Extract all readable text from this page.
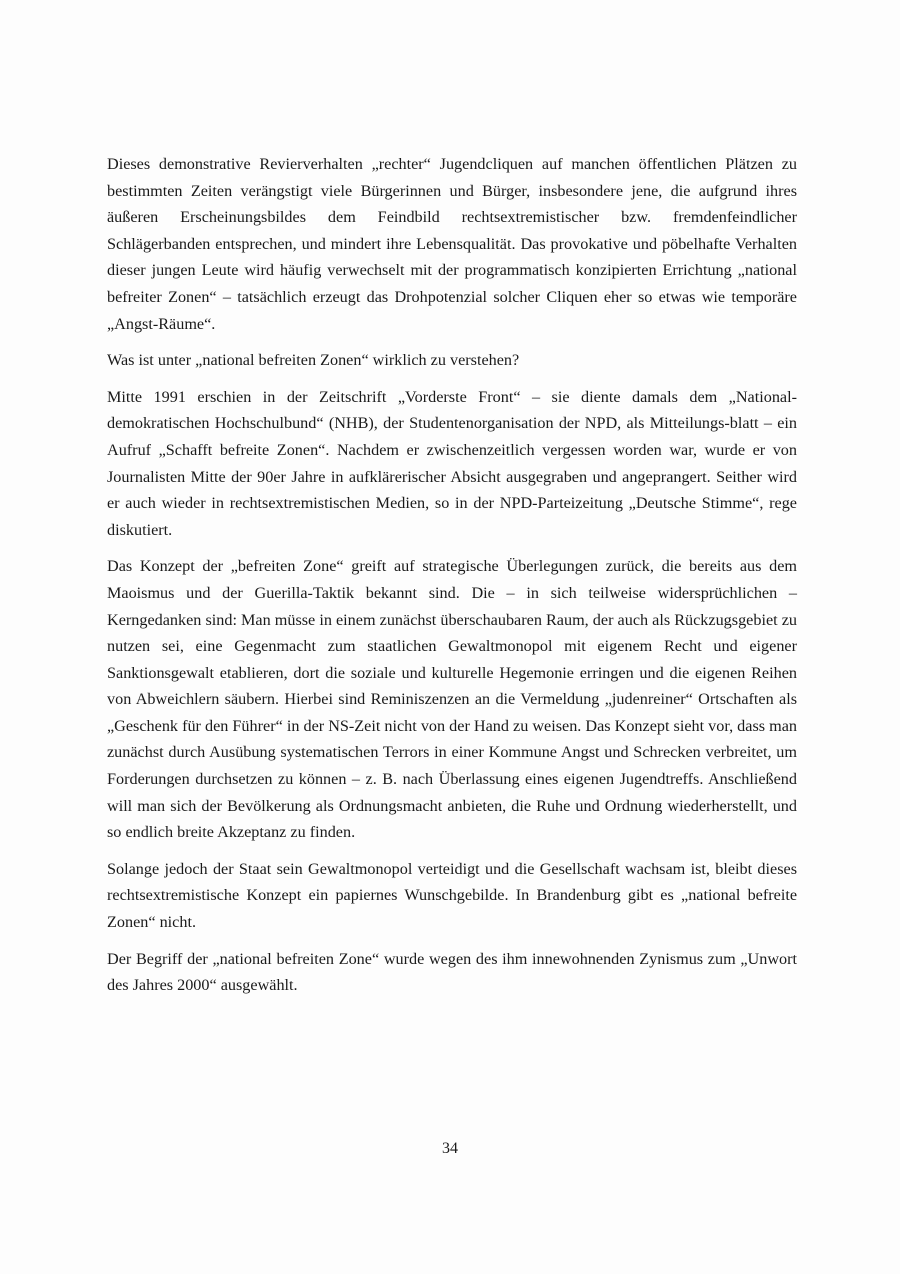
Dieses demonstrative Revierverhalten „rechter“ Jugendcliquen auf manchen öffentlichen Plätzen zu bestimmten Zeiten verängstigt viele Bürgerinnen und Bürger, insbesondere jene, die aufgrund ihres äußeren Erscheinungsbildes dem Feindbild rechtsextremistischer bzw. fremdenfeindlicher Schlägerbanden entsprechen, und mindert ihre Lebensqualität. Das provokative und pöbelhafte Verhalten dieser jungen Leute wird häufig verwechselt mit der programmatisch konzipierten Errichtung „national befreiter Zonen“ – tatsächlich erzeugt das Drohpotenzial solcher Cliquen eher so etwas wie temporäre „Angst-Räume“.

Was ist unter „national befreiten Zonen“ wirklich zu verstehen?

Mitte 1991 erschien in der Zeitschrift „Vorderste Front“ – sie diente damals dem „National-demokratischen Hochschulbund“ (NHB), der Studentenorganisation der NPD, als Mitteilungs-blatt – ein Aufruf „Schafft befreite Zonen“. Nachdem er zwischenzeitlich vergessen worden war, wurde er von Journalisten Mitte der 90er Jahre in aufklärerischer Absicht ausgegraben und angeprangert. Seither wird er auch wieder in rechtsextremistischen Medien, so in der NPD-Parteizeitung „Deutsche Stimme“, rege diskutiert.

Das Konzept der „befreiten Zone“ greift auf strategische Überlegungen zurück, die bereits aus dem Maoismus und der Guerilla-Taktik bekannt sind. Die – in sich teilweise widersprüchlichen – Kerngedanken sind: Man müsse in einem zunächst überschaubaren Raum, der auch als Rückzugsgebiet zu nutzen sei, eine Gegenmacht zum staatlichen Gewaltmonopol mit eigenem Recht und eigener Sanktionsgewalt etablieren, dort die soziale und kulturelle Hegemonie erringen und die eigenen Reihen von Abweichlern säubern. Hierbei sind Reminiszenzen an die Vermeldung „judenreiner“ Ortschaften als „Geschenk für den Führer“ in der NS-Zeit nicht von der Hand zu weisen. Das Konzept sieht vor, dass man zunächst durch Ausübung systematischen Terrors in einer Kommune Angst und Schrecken verbreitet, um Forderungen durchsetzen zu können – z. B. nach Überlassung eines eigenen Jugendtreffs. Anschließend will man sich der Bevölkerung als Ordnungsmacht anbieten, die Ruhe und Ordnung wiederherstellt, und so endlich breite Akzeptanz zu finden.

Solange jedoch der Staat sein Gewaltmonopol verteidigt und die Gesellschaft wachsam ist, bleibt dieses rechtsextremistische Konzept ein papiernes Wunschgebilde. In Brandenburg gibt es „national befreite Zonen“ nicht.

Der Begriff der „national befreiten Zone“ wurde wegen des ihm innewohnenden Zynismus zum „Unwort des Jahres 2000“ ausgewählt.

34
